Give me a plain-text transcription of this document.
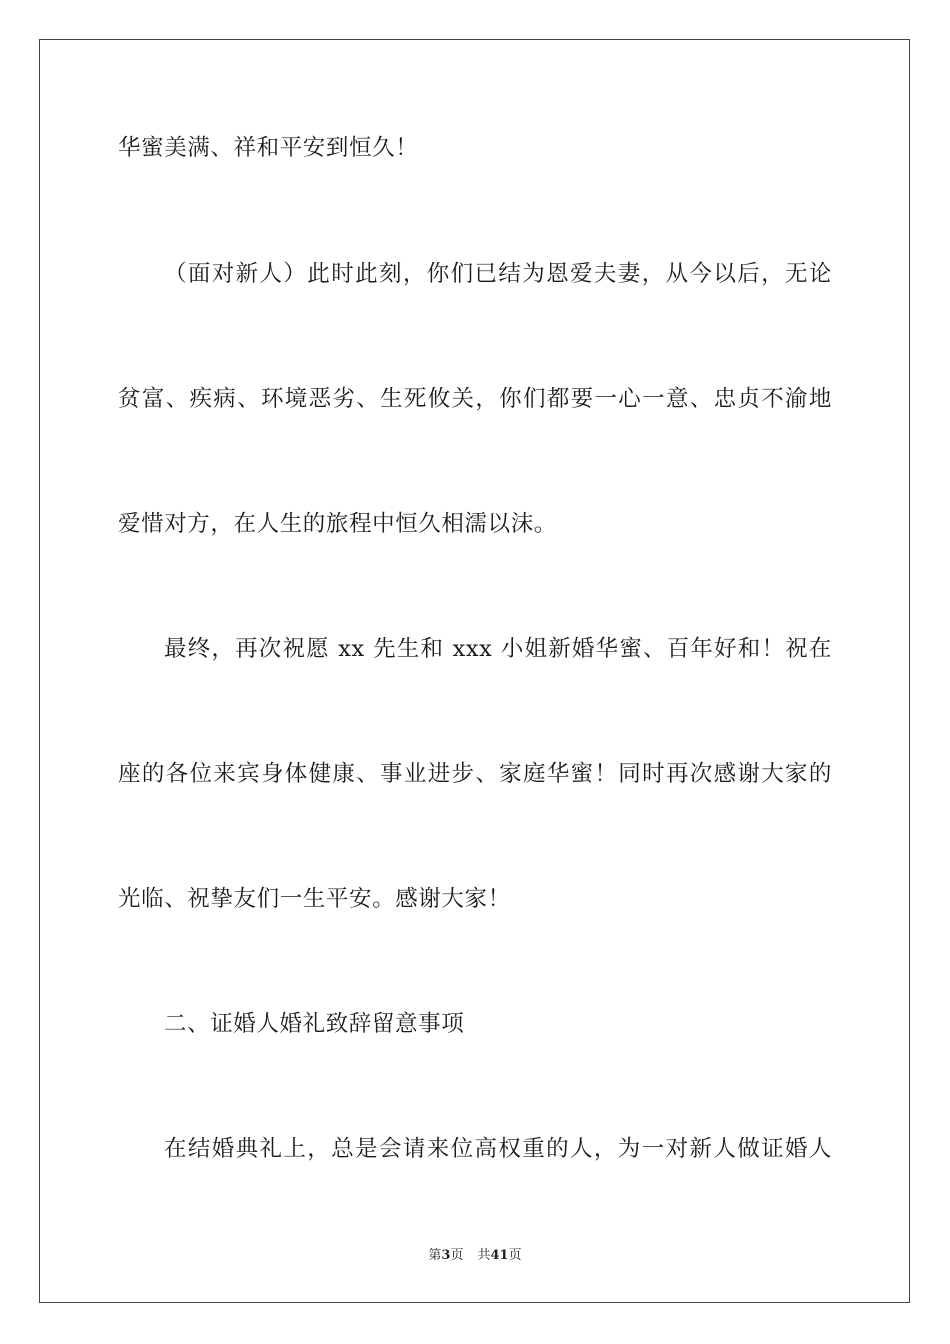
华蜜美满、祥和平安到恒久！

（面对新人）此时此刻，你们已结为恩爱夫妻，从今以后，无论

贫富、疾病、环境恶劣、生死攸关，你们都要一心一意、忠贞不渝地

爱惜对方，在人生的旅程中恒久相濡以沫。

最终，再次祝愿 xx 先生和 xxx 小姐新婚华蜜、百年好和！祝在

座的各位来宾身体健康、事业进步、家庭华蜜！同时再次感谢大家的

光临、祝挚友们一生平安。感谢大家！

二、证婚人婚礼致辞留意事项

在结婚典礼上，总是会请来位高权重的人，为一对新人做证婚人

第3页 共41页
